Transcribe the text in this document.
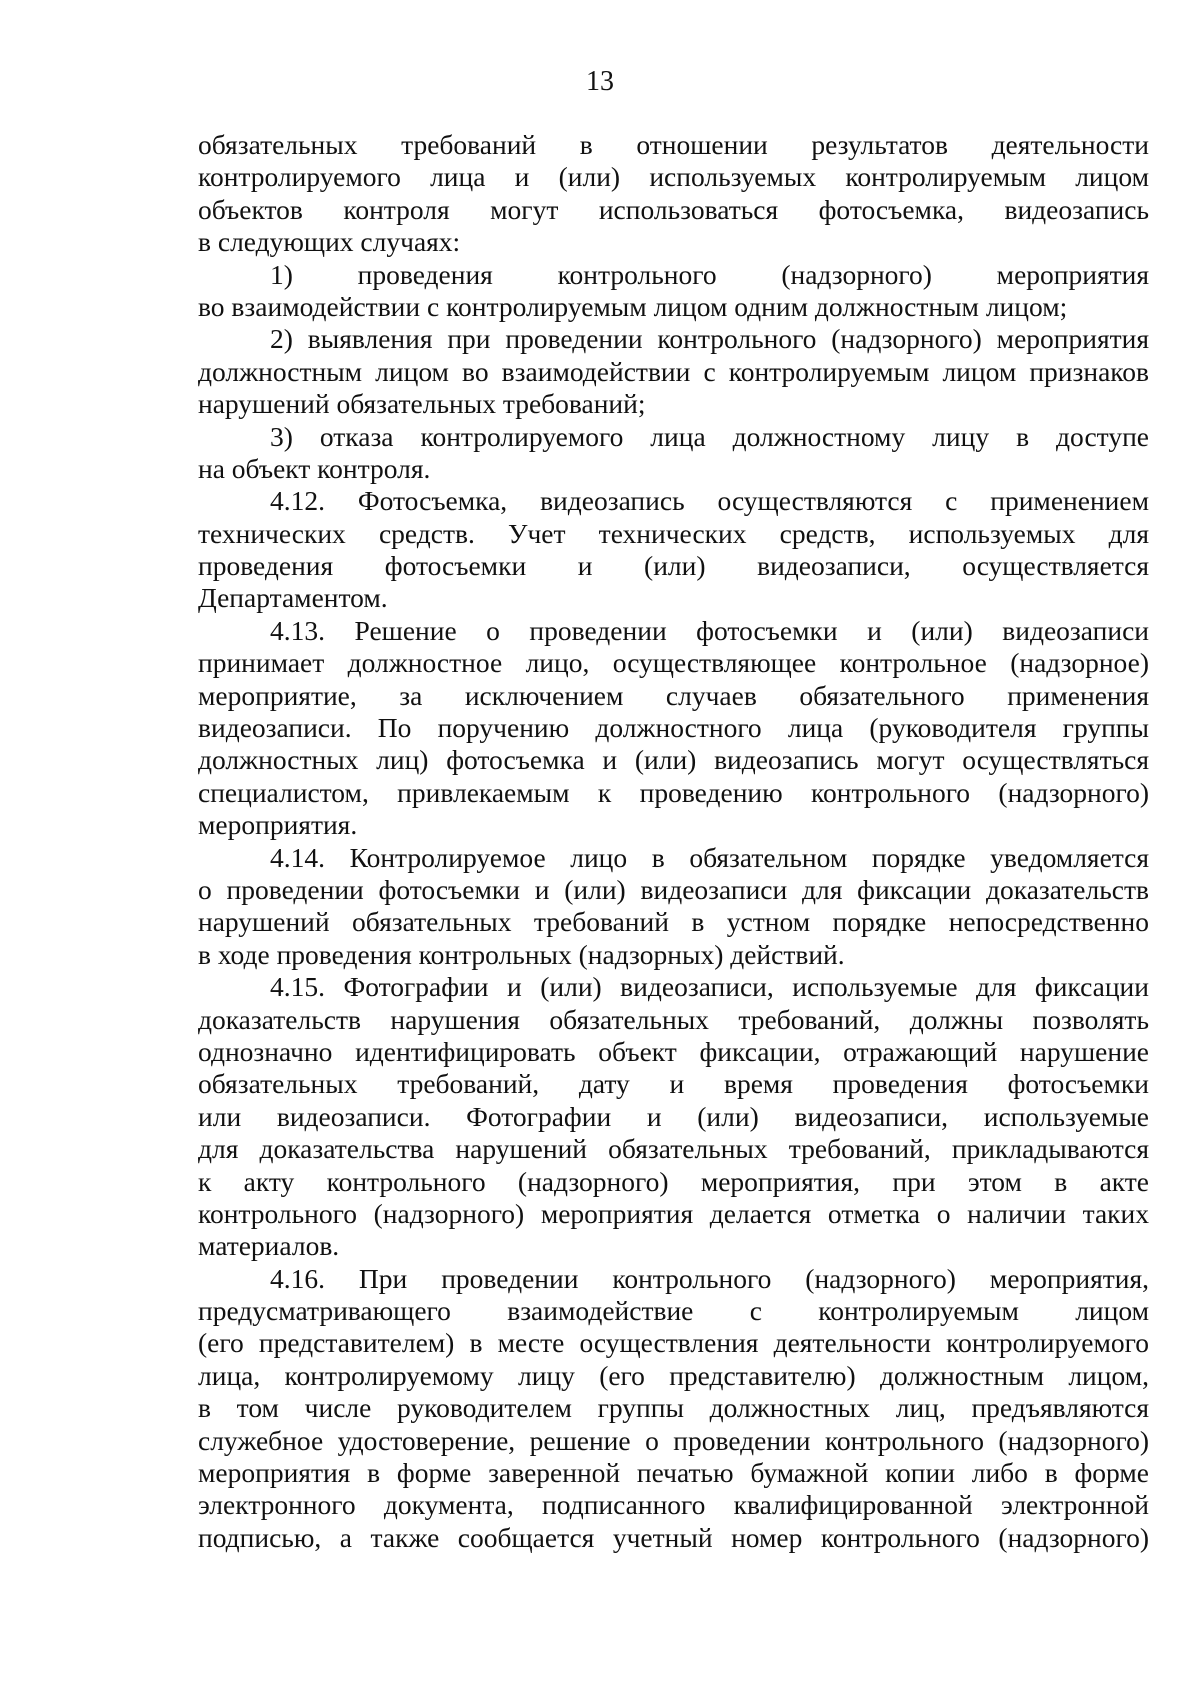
13
обязательных требований в отношении результатов деятельности
контролируемого лица и (или) используемых контролируемым лицом
объектов контроля могут использоваться фотосъемка, видеозапись
в следующих случаях:
1) проведения контрольного (надзорного) мероприятия
во взаимодействии с контролируемым лицом одним должностным лицом;
2) выявления при проведении контрольного (надзорного) мероприятия
должностным лицом во взаимодействии с контролируемым лицом признаков
нарушений обязательных требований;
3) отказа контролируемого лица должностному лицу в доступе
на объект контроля.
4.12. Фотосъемка, видеозапись осуществляются с применением
технических средств. Учет технических средств, используемых для
проведения фотосъемки и (или) видеозаписи, осуществляется
Департаментом.
4.13. Решение о проведении фотосъемки и (или) видеозаписи
принимает должностное лицо, осуществляющее контрольное (надзорное)
мероприятие, за исключением случаев обязательного применения
видеозаписи. По поручению должностного лица (руководителя группы
должностных лиц) фотосъемка и (или) видеозапись могут осуществляться
специалистом, привлекаемым к проведению контрольного (надзорного)
мероприятия.
4.14. Контролируемое лицо в обязательном порядке уведомляется
о проведении фотосъемки и (или) видеозаписи для фиксации доказательств
нарушений обязательных требований в устном порядке непосредственно
в ходе проведения контрольных (надзорных) действий.
4.15. Фотографии и (или) видеозаписи, используемые для фиксации
доказательств нарушения обязательных требований, должны позволять
однозначно идентифицировать объект фиксации, отражающий нарушение
обязательных требований, дату и время проведения фотосъемки
или видеозаписи. Фотографии и (или) видеозаписи, используемые
для доказательства нарушений обязательных требований, прикладываются
к акту контрольного (надзорного) мероприятия, при этом в акте
контрольного (надзорного) мероприятия делается отметка о наличии таких
материалов.
4.16. При проведении контрольного (надзорного) мероприятия,
предусматривающего взаимодействие с контролируемым лицом
(его представителем) в месте осуществления деятельности контролируемого
лица, контролируемому лицу (его представителю) должностным лицом,
в том числе руководителем группы должностных лиц, предъявляются
служебное удостоверение, решение о проведении контрольного (надзорного)
мероприятия в форме заверенной печатью бумажной копии либо в форме
электронного документа, подписанного квалифицированной электронной
подписью, а также сообщается учетный номер контрольного (надзорного)
